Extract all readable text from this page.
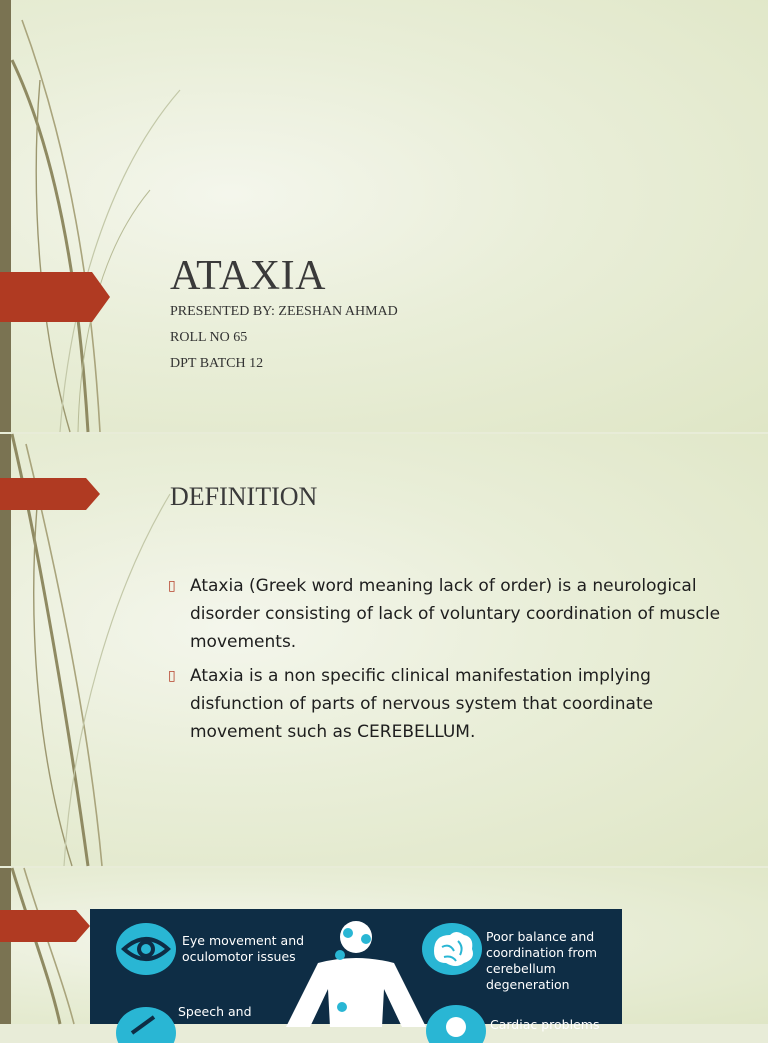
ATAXIA
PRESENTED BY: ZEESHAN AHMAD
ROLL NO 65
DPT BATCH 12
DEFINITION
▯ Ataxia (Greek word meaning lack of order) is a neurological disorder consisting of lack of voluntary coordination of muscle movements.
▯ Ataxia is a non specific clinical manifestation implying disfunction of parts of nervous system that coordinate movement such as CEREBELLUM.
Eye movement and oculomotor issues
Speech and
Poor balance and coordination from cerebellum degeneration
Cardiac problems
